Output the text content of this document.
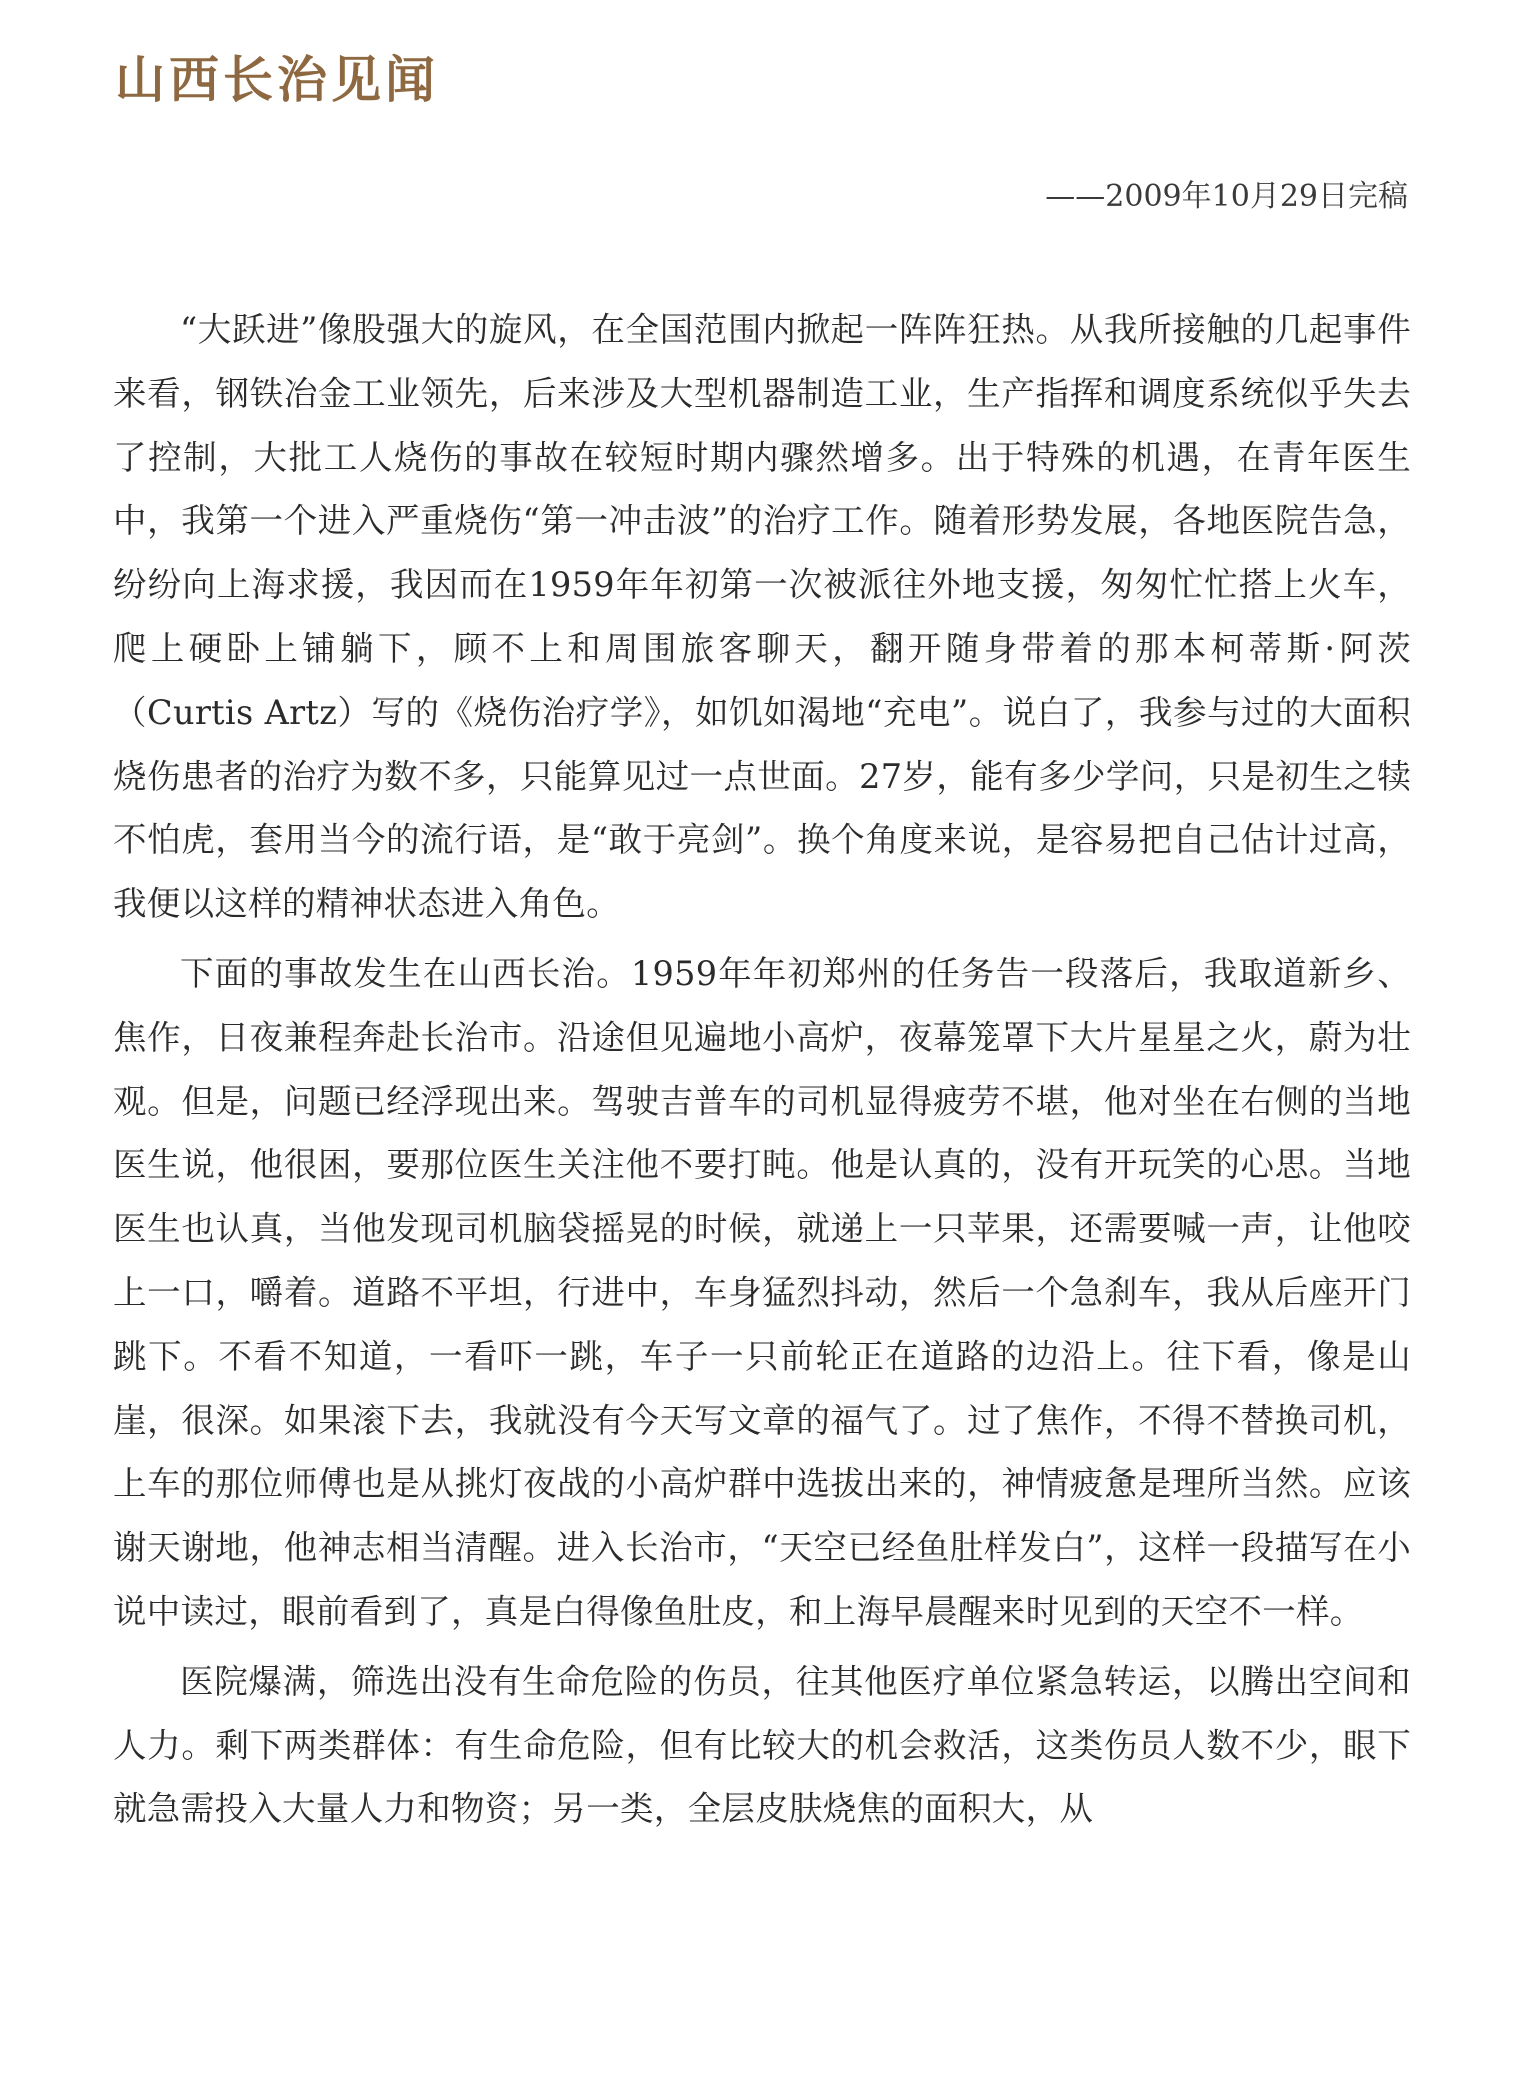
山西长治见闻
——2009年10月29日完稿

“大跃进”像股强大的旋风，在全国范围内掀起一阵阵狂热。从我所接触的几起事件来看，钢铁冶金工业领先，后来涉及大型机器制造工业，生产指挥和调度系统似乎失去了控制，大批工人烧伤的事故在较短时期内骤然增多。出于特殊的机遇，在青年医生中，我第一个进入严重烧伤“第一冲击波”的治疗工作。随着形势发展，各地医院告急，纷纷向上海求援，我因而在1959年年初第一次被派往外地支援，匆匆忙忙搭上火车，爬上硬卧上铺躺下，顾不上和周围旅客聊天，翻开随身带着的那本柯蒂斯·阿茨（Curtis Artz）写的《烧伤治疗学》，如饥如渴地“充电”。说白了，我参与过的大面积烧伤患者的治疗为数不多，只能算见过一点世面。27岁，能有多少学问，只是初生之犊不怕虎，套用当今的流行语，是“敢于亮剑”。换个角度来说，是容易把自己估计过高，我便以这样的精神状态进入角色。

下面的事故发生在山西长治。1959年年初郑州的任务告一段落后，我取道新乡、焦作，日夜兼程奔赴长治市。沿途但见遍地小高炉，夜幕笼罩下大片星星之火，蔚为壮观。但是，问题已经浮现出来。驾驶吉普车的司机显得疲劳不堪，他对坐在右侧的当地医生说，他很困，要那位医生关注他不要打盹。他是认真的，没有开玩笑的心思。当地医生也认真，当他发现司机脑袋摇晃的时候，就递上一只苹果，还需要喊一声，让他咬上一口，嚼着。道路不平坦，行进中，车身猛烈抖动，然后一个急刹车，我从后座开门跳下。不看不知道，一看吓一跳，车子一只前轮正在道路的边沿上。往下看，像是山崖，很深。如果滚下去，我就没有今天写文章的福气了。过了焦作，不得不替换司机，上车的那位师傅也是从挑灯夜战的小高炉群中选拔出来的，神情疲惫是理所当然。应该谢天谢地，他神志相当清醒。进入长治市，“天空已经鱼肚样发白”，这样一段描写在小说中读过，眼前看到了，真是白得像鱼肚皮，和上海早晨醒来时见到的天空不一样。

医院爆满，筛选出没有生命危险的伤员，往其他医疗单位紧急转运，以腾出空间和人力。剩下两类群体：有生命危险，但有比较大的机会救活，这类伤员人数不少，眼下就急需投入大量人力和物资；另一类，全层皮肤烧焦的面积大，从
